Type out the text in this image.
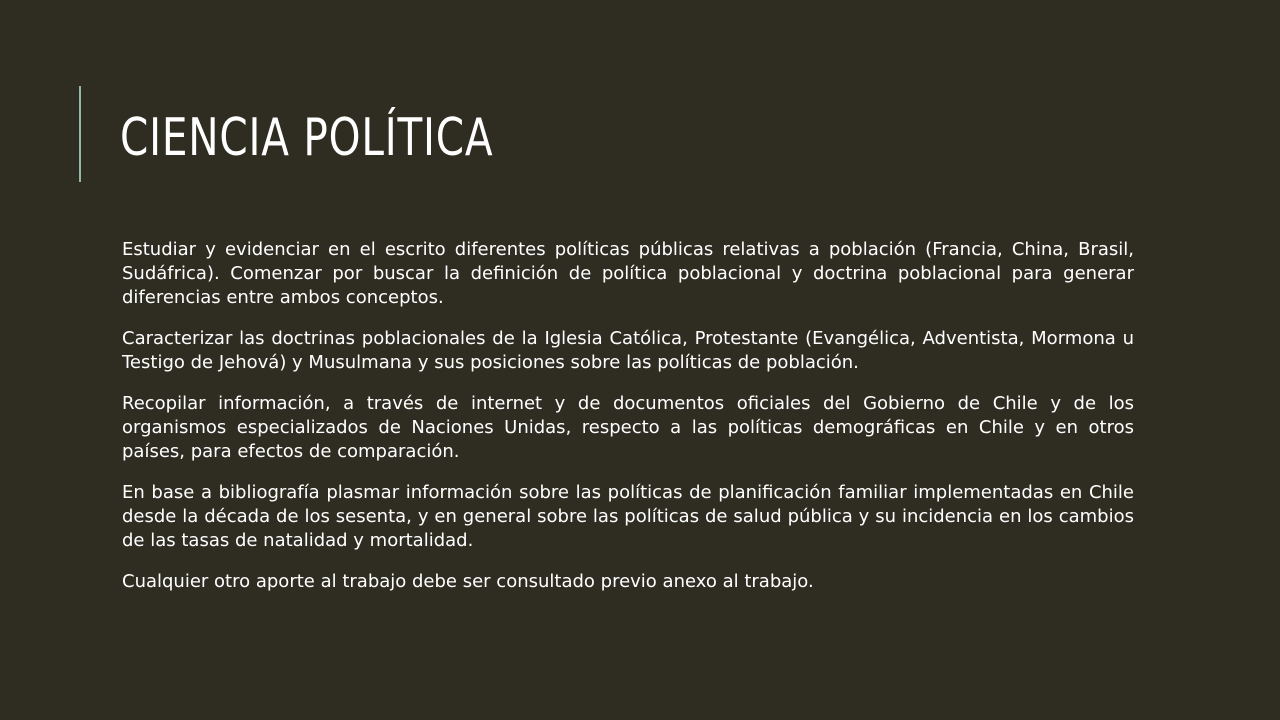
CIENCIA POLÍTICA

Estudiar y evidenciar en el escrito diferentes políticas públicas relativas a población (Francia, China, Brasil, Sudáfrica). Comenzar por buscar la definición de política poblacional y doctrina poblacional para generar diferencias entre ambos conceptos.

Caracterizar las doctrinas poblacionales de la Iglesia Católica, Protestante (Evangélica, Adventista, Mormona u Testigo de Jehová) y Musulmana y sus posiciones sobre las políticas de población.

Recopilar información, a través de internet y de documentos oficiales del Gobierno de Chile y de los organismos especializados de Naciones Unidas, respecto a las políticas demográficas en Chile y en otros países, para efectos de comparación.

En base a bibliografía plasmar información sobre las políticas de planificación familiar implementadas en Chile desde la década de los sesenta, y en general sobre las políticas de salud pública y su incidencia en los cambios de las tasas de natalidad y mortalidad.

Cualquier otro aporte al trabajo debe ser consultado previo anexo al trabajo.
